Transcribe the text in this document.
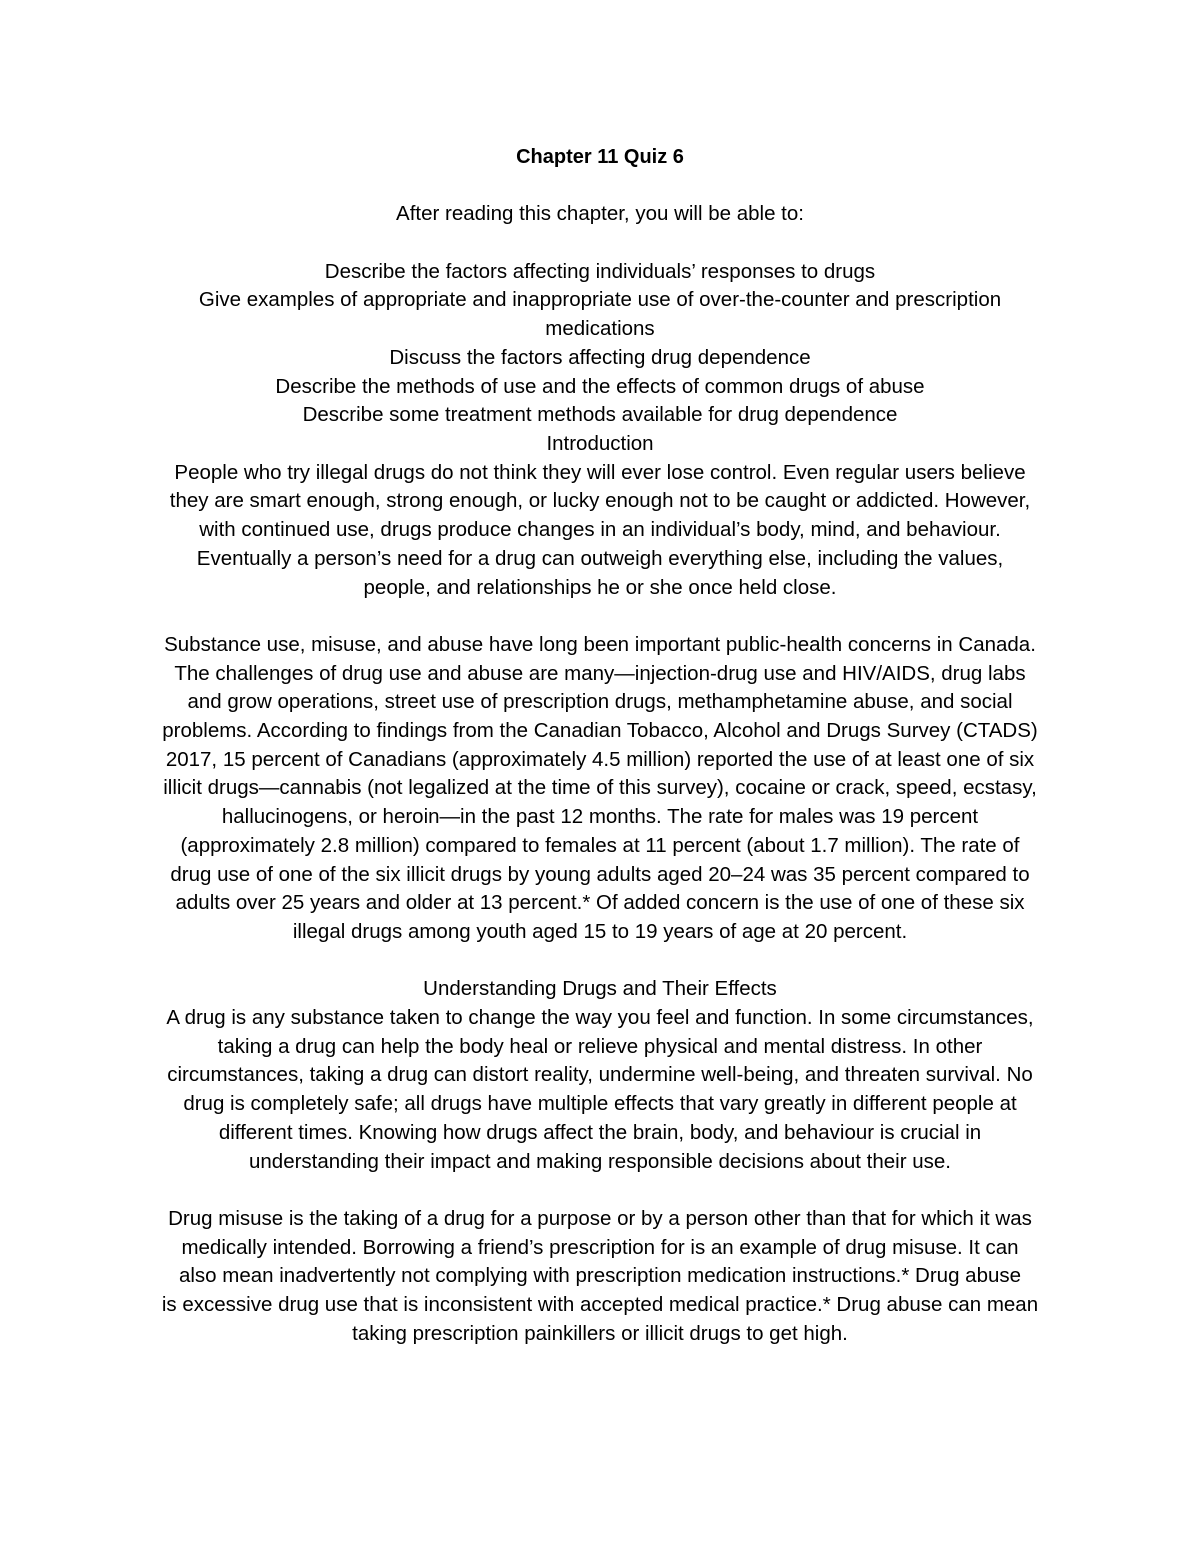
Chapter 11 Quiz 6
After reading this chapter, you will be able to:
Describe the factors affecting individuals’ responses to drugs
Give examples of appropriate and inappropriate use of over-the-counter and prescription
medications
Discuss the factors affecting drug dependence
Describe the methods of use and the effects of common drugs of abuse
Describe some treatment methods available for drug dependence
Introduction
People who try illegal drugs do not think they will ever lose control. Even regular users believe
they are smart enough, strong enough, or lucky enough not to be caught or addicted. However,
with continued use, drugs produce changes in an individual’s body, mind, and behaviour.
Eventually a person’s need for a drug can outweigh everything else, including the values,
people, and relationships he or she once held close.
Substance use, misuse, and abuse have long been important public-health concerns in Canada.
The challenges of drug use and abuse are many—injection-drug use and HIV/AIDS, drug labs
and grow operations, street use of prescription drugs, methamphetamine abuse, and social
problems. According to findings from the Canadian Tobacco, Alcohol and Drugs Survey (CTADS)
2017, 15 percent of Canadians (approximately 4.5 million) reported the use of at least one of six
illicit drugs—cannabis (not legalized at the time of this survey), cocaine or crack, speed, ecstasy,
hallucinogens, or heroin—in the past 12 months. The rate for males was 19 percent
(approximately 2.8 million) compared to females at 11 percent (about 1.7 million). The rate of
drug use of one of the six illicit drugs by young adults aged 20–24 was 35 percent compared to
adults over 25 years and older at 13 percent.* Of added concern is the use of one of these six
illegal drugs among youth aged 15 to 19 years of age at 20 percent.
Understanding Drugs and Their Effects
A drug is any substance taken to change the way you feel and function. In some circumstances,
taking a drug can help the body heal or relieve physical and mental distress. In other
circumstances, taking a drug can distort reality, undermine well-being, and threaten survival. No
drug is completely safe; all drugs have multiple effects that vary greatly in different people at
different times. Knowing how drugs affect the brain, body, and behaviour is crucial in
understanding their impact and making responsible decisions about their use.
Drug misuse is the taking of a drug for a purpose or by a person other than that for which it was
medically intended. Borrowing a friend’s prescription for is an example of drug misuse. It can
also mean inadvertently not complying with prescription medication instructions.* Drug abuse
is excessive drug use that is inconsistent with accepted medical practice.* Drug abuse can mean
taking prescription painkillers or illicit drugs to get high.
